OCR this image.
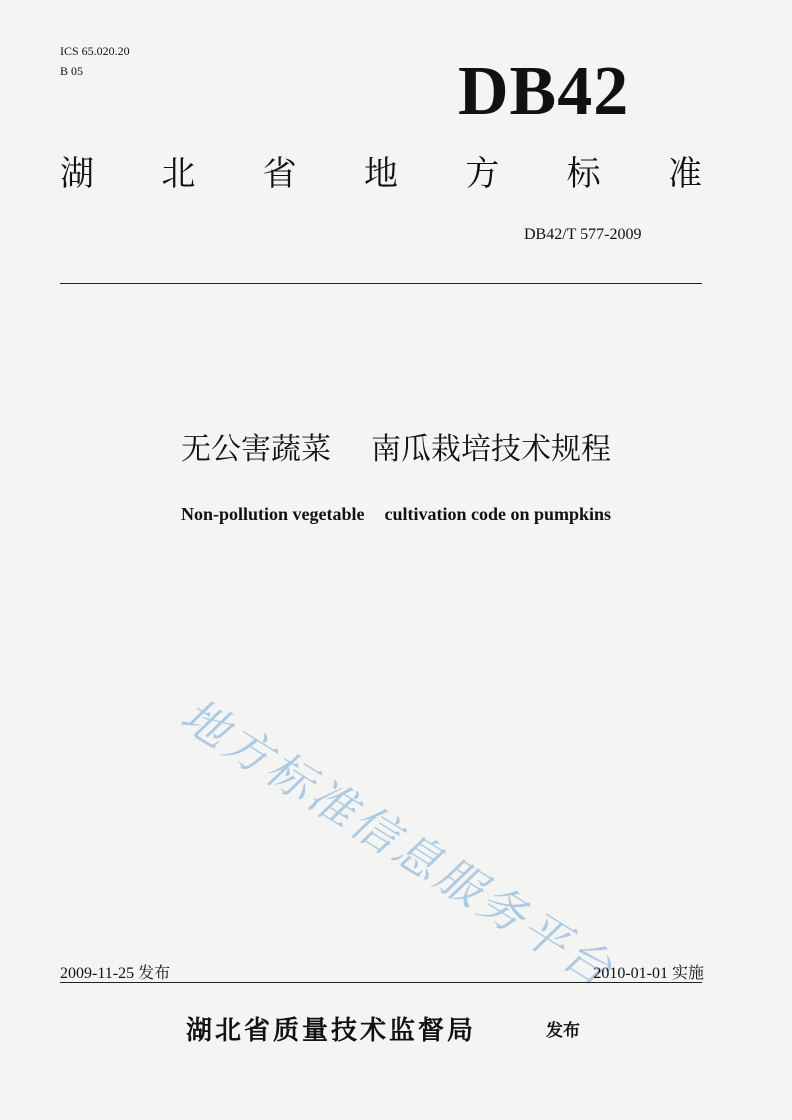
ICS 65.020.20
B 05	DB42
湖 北 省 地 方 标 准
DB42/T 577-2009
无公害蔬菜 南瓜栽培技术规程
Non-pollution vegetable cultivation code on pumpkins
地方标准信息服务平台
2009-11-25 发布	2010-01-01 实施
湖北省质量技术监督局	发布
